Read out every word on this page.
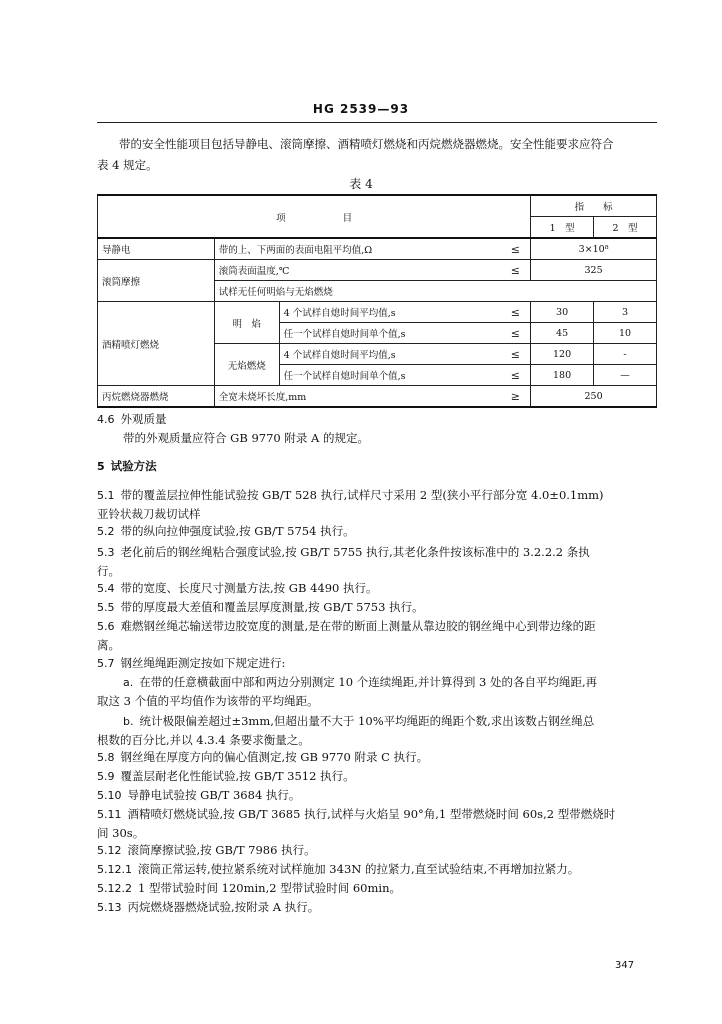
HG 2539—93
带的安全性能项目包括导静电、滚筒摩擦、酒精喷灯燃烧和丙烷燃烧器燃烧。安全性能要求应符合
表 4 规定。
表 4
项　　　　　　目				指　　标	
				1　型	2　型
导静电	带的上、下两面的表面电阻平均值,Ω		≤	3×10⁸	
滚筒摩擦	滚筒表面温度,℃		≤	325	
	试样无任何明焰与无焰燃烧				
酒精喷灯燃烧	明　焰	4 个试样自熄时间平均值,s	≤	30	3
		任一个试样自熄时间单个值,s	≤	45	10
	无焰燃烧	4 个试样自熄时间平均值,s	≤	120	-
		任一个试样自熄时间单个值,s	≤	180	—
丙烷燃烧器燃烧	全宽未烧坏长度,mm		≥	250	
4.6 外观质量
带的外观质量应符合 GB 9770 附录 A 的规定。
5 试验方法
5.1 带的覆盖层拉伸性能试验按 GB/T 528 执行,试样尺寸采用 2 型(狭小平行部分宽 4.0±0.1mm)
亚铃状裁刀裁切试样
5.2 带的纵向拉伸强度试验,按 GB/T 5754 执行。
5.3 老化前后的钢丝绳粘合强度试验,按 GB/T 5755 执行,其老化条件按该标准中的 3.2.2.2 条执
行。
5.4 带的宽度、长度尺寸测量方法,按 GB 4490 执行。
5.5 带的厚度最大差值和覆盖层厚度测量,按 GB/T 5753 执行。
5.6 难燃钢丝绳芯输送带边胶宽度的测量,是在带的断面上测量从靠边胶的钢丝绳中心到带边缘的距
离。
5.7 钢丝绳绳距测定按如下规定进行:
a. 在带的任意横截面中部和两边分别测定 10 个连续绳距,并计算得到 3 处的各自平均绳距,再
取这 3 个值的平均值作为该带的平均绳距。
b. 统计极限偏差超过±3mm,但超出量不大于 10%平均绳距的绳距个数,求出该数占钢丝绳总
根数的百分比,并以 4.3.4 条要求衡量之。
5.8 钢丝绳在厚度方向的偏心值测定,按 GB 9770 附录 C 执行。
5.9 覆盖层耐老化性能试验,按 GB/T 3512 执行。
5.10 导静电试验按 GB/T 3684 执行。
5.11 酒精喷灯燃烧试验,按 GB/T 3685 执行,试样与火焰呈 90°角,1 型带燃烧时间 60s,2 型带燃烧时
间 30s。
5.12 滚筒摩擦试验,按 GB/T 7986 执行。
5.12.1 滚筒正常运转,使拉紧系统对试样施加 343N 的拉紧力,直至试验结束,不再增加拉紧力。
5.12.2 1 型带试验时间 120min,2 型带试验时间 60min。
5.13 丙烷燃烧器燃烧试验,按附录 A 执行。
347
